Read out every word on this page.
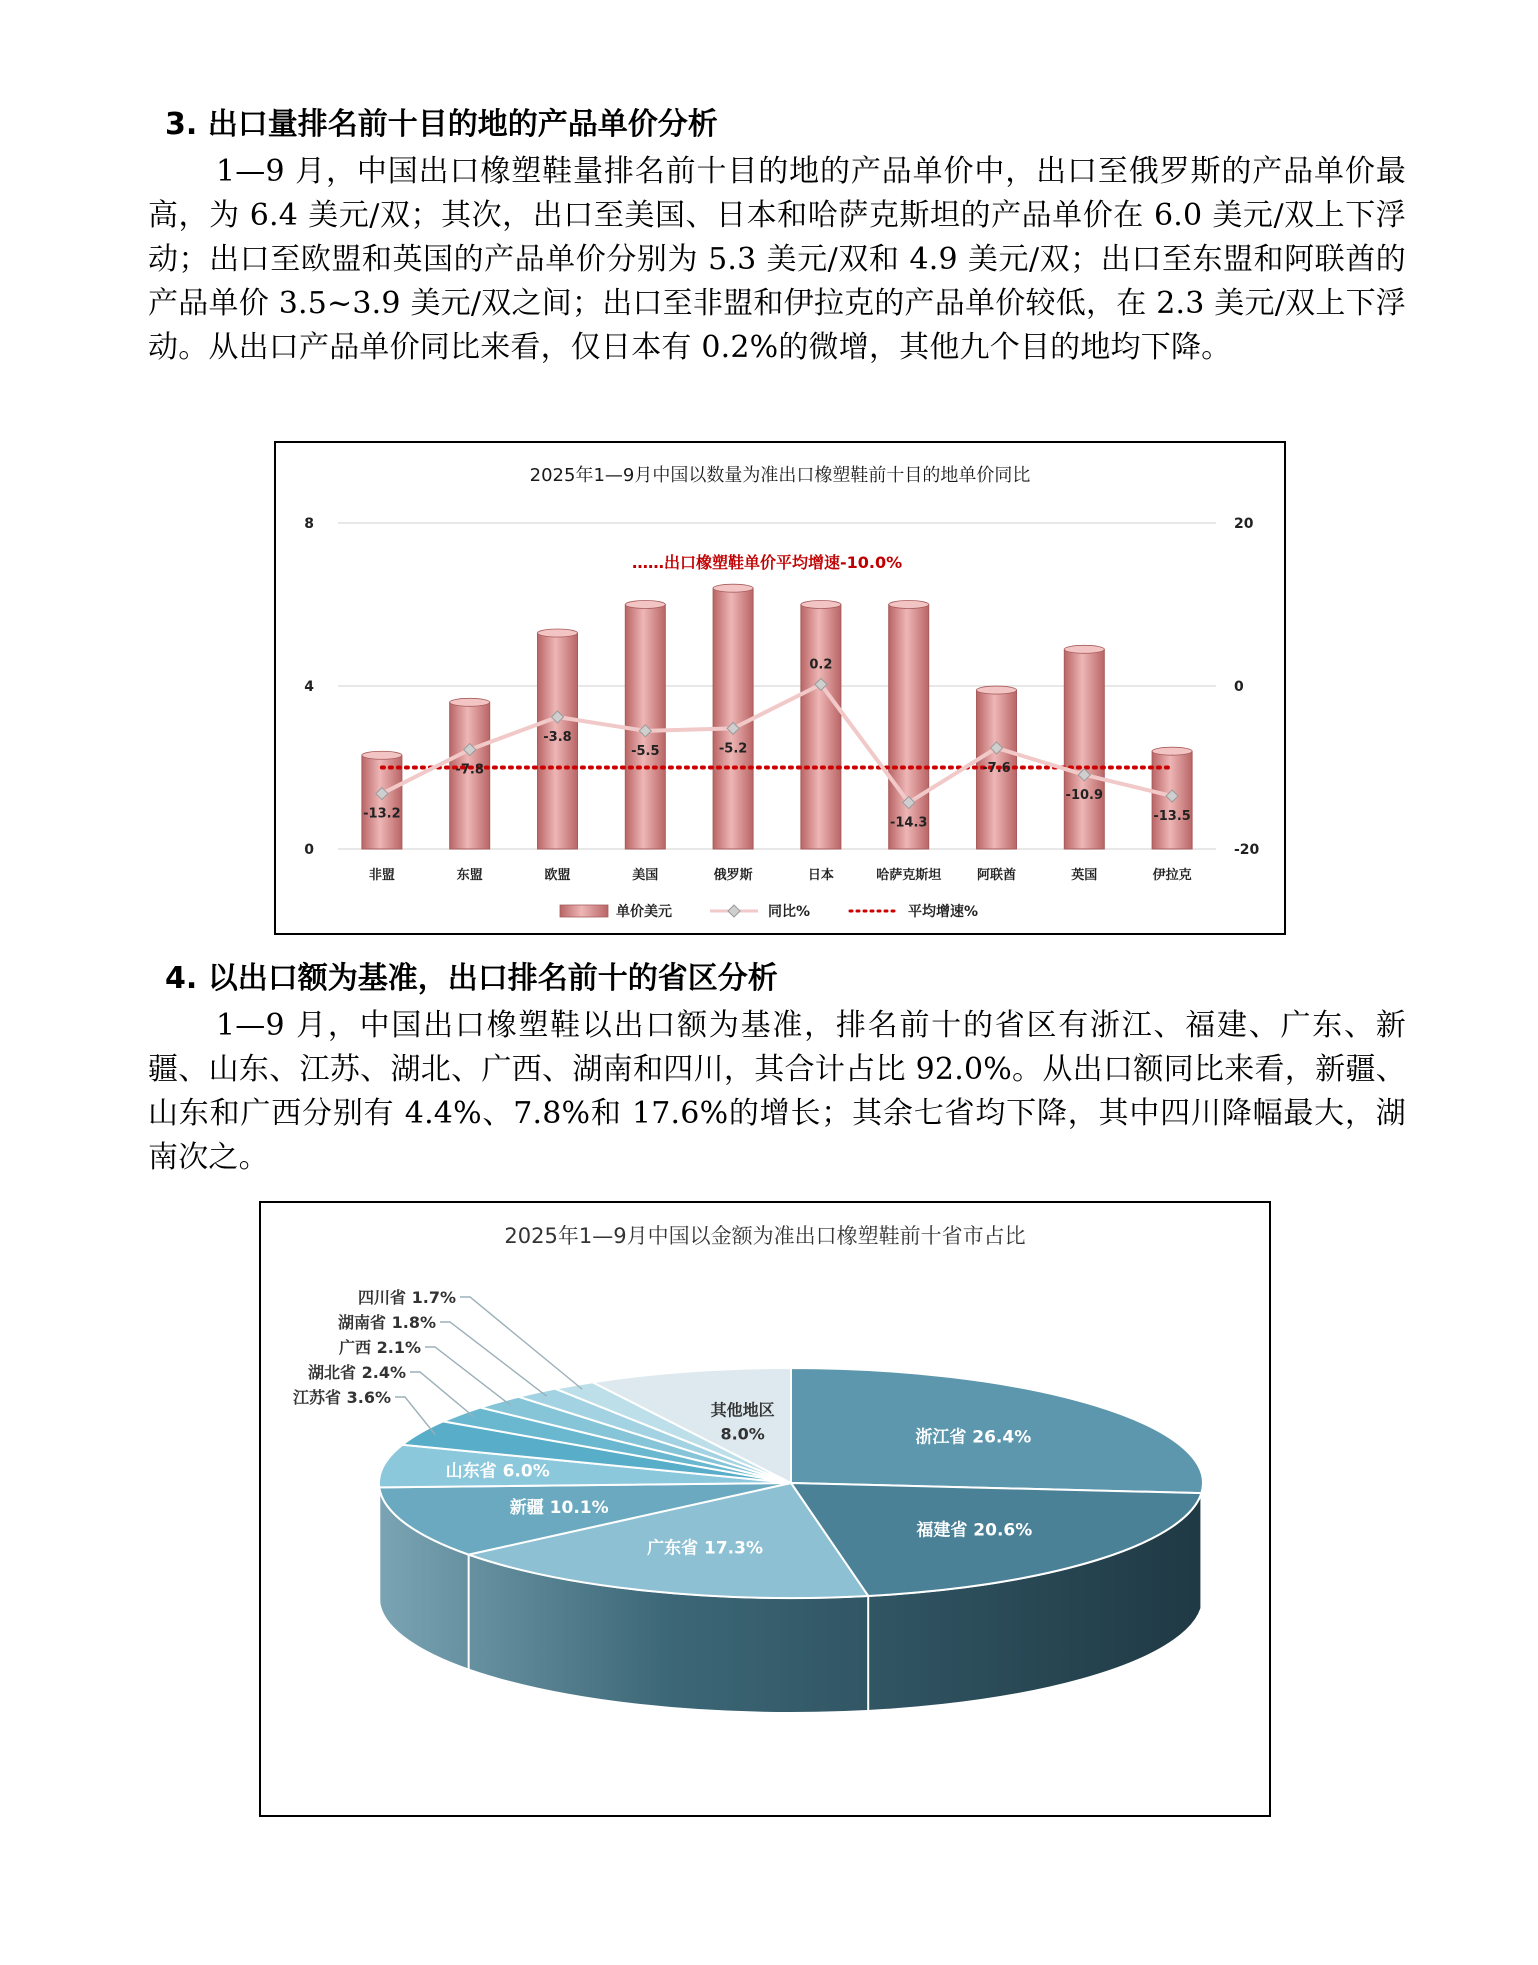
3. 出口量排名前十目的地的产品单价分析

1—9 月，中国出口橡塑鞋量排名前十目的地的产品单价中，出口至俄罗斯的产品单价最高，为 6.4 美元/双；其次，出口至美国、日本和哈萨克斯坦的产品单价在 6.0 美元/双上下浮动；出口至欧盟和英国的产品单价分别为 5.3 美元/双和 4.9 美元/双；出口至东盟和阿联酋的产品单价 3.5~3.9 美元/双之间；出口至非盟和伊拉克的产品单价较低，在 2.3 美元/双上下浮动。从出口产品单价同比来看，仅日本有 0.2%的微增，其他九个目的地均下降。

2025年1—9月中国以数量为准出口橡塑鞋前十目的地单价同比
……出口橡塑鞋单价平均增速-10.0%
0
4
8
-20
0
20
-13.2
-7.8
-3.8
-5.5	-5.2
0.2
-14.3
-7.6
-10.9
-13.5
非盟	东盟	欧盟	美国	俄罗斯	日本	哈萨克斯坦	阿联酋	英国	伊拉克
单价美元	同比%	平均增速%
4. 以出口额为基准，出口排名前十的省区分析

1—9 月，中国出口橡塑鞋以出口额为基准，排名前十的省区有浙江、福建、广东、新疆、山东、江苏、湖北、广西、湖南和四川，其合计占比 92.0%。从出口额同比来看，新疆、山东和广西分别有 4.4%、7.8%和 17.6%的增长；其余七省均下降，其中四川降幅最大，湖南次之。

2025年1—9月中国以金额为准出口橡塑鞋前十省市占比
浙江省 26.4%
福建省 20.6%
广东省 17.3%
新疆 10.1%
山东省 6.0%
其他地区
8.0%
四川省 1.7%
湖南省 1.8%
广西 2.1%
湖北省 2.4%
江苏省 3.6%
